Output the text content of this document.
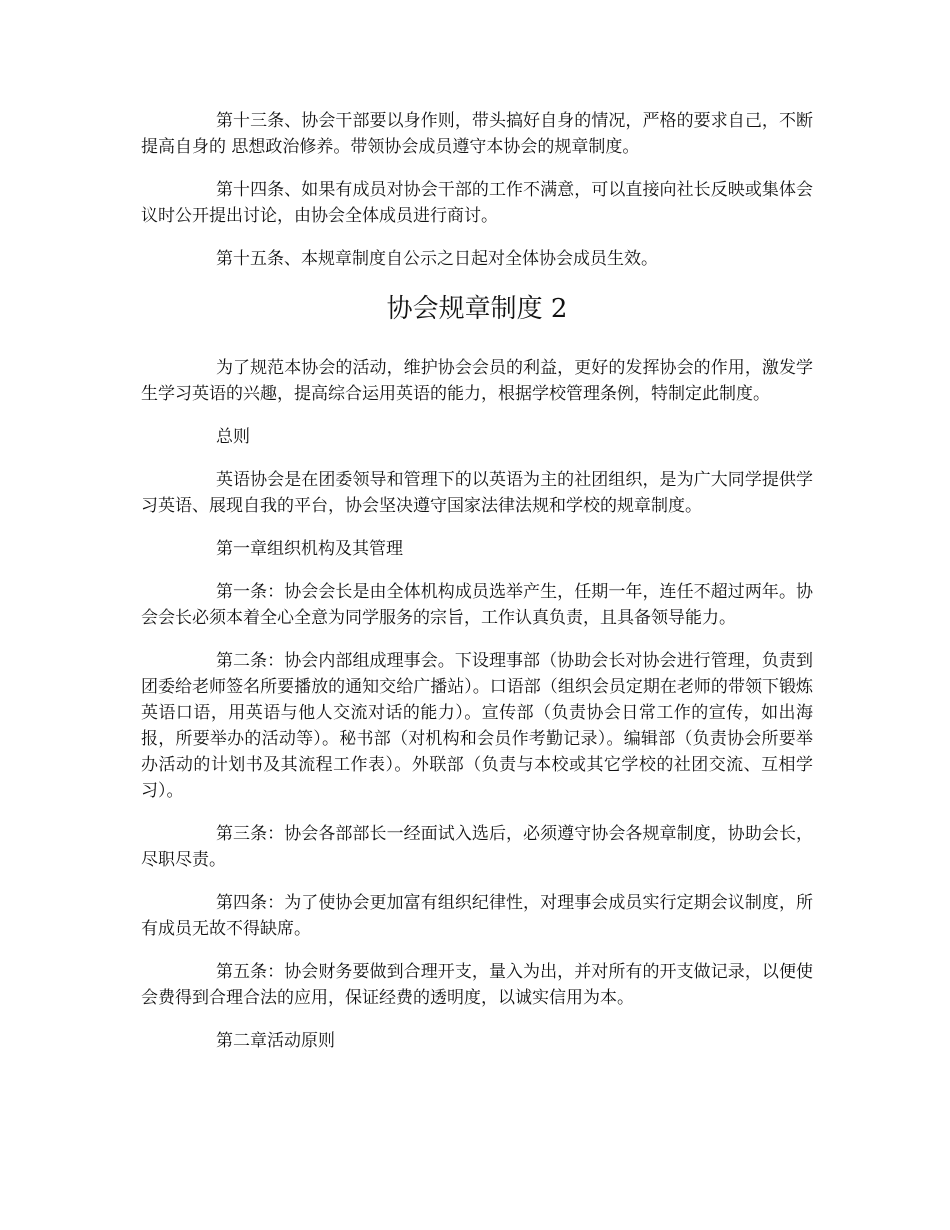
第十三条、协会干部要以身作则，带头搞好自身的情况，严格的要求自己，不断提高自身的 思想政治修养。带领协会成员遵守本协会的规章制度。

第十四条、如果有成员对协会干部的工作不满意，可以直接向社长反映或集体会议时公开提出讨论，由协会全体成员进行商讨。

第十五条、本规章制度自公示之日起对全体协会成员生效。

协会规章制度 2

为了规范本协会的活动，维护协会会员的利益，更好的发挥协会的作用，激发学生学习英语的兴趣，提高综合运用英语的能力，根据学校管理条例，特制定此制度。

总则

英语协会是在团委领导和管理下的以英语为主的社团组织，是为广大同学提供学习英语、展现自我的平台，协会坚决遵守国家法律法规和学校的规章制度。

第一章组织机构及其管理

第一条：协会会长是由全体机构成员选举产生，任期一年，连任不超过两年。协会会长必须本着全心全意为同学服务的宗旨，工作认真负责，且具备领导能力。

第二条：协会内部组成理事会。下设理事部（协助会长对协会进行管理，负责到团委给老师签名所要播放的通知交给广播站）。口语部（组织会员定期在老师的带领下锻炼英语口语，用英语与他人交流对话的能力）。宣传部（负责协会日常工作的宣传，如出海报，所要举办的活动等）。秘书部（对机构和会员作考勤记录）。编辑部（负责协会所要举办活动的计划书及其流程工作表）。外联部（负责与本校或其它学校的社团交流、互相学习）。

第三条：协会各部部长一经面试入选后，必须遵守协会各规章制度，协助会长，尽职尽责。

第四条：为了使协会更加富有组织纪律性，对理事会成员实行定期会议制度，所有成员无故不得缺席。

第五条：协会财务要做到合理开支，量入为出，并对所有的开支做记录，以便使会费得到合理合法的应用，保证经费的透明度，以诚实信用为本。

第二章活动原则
